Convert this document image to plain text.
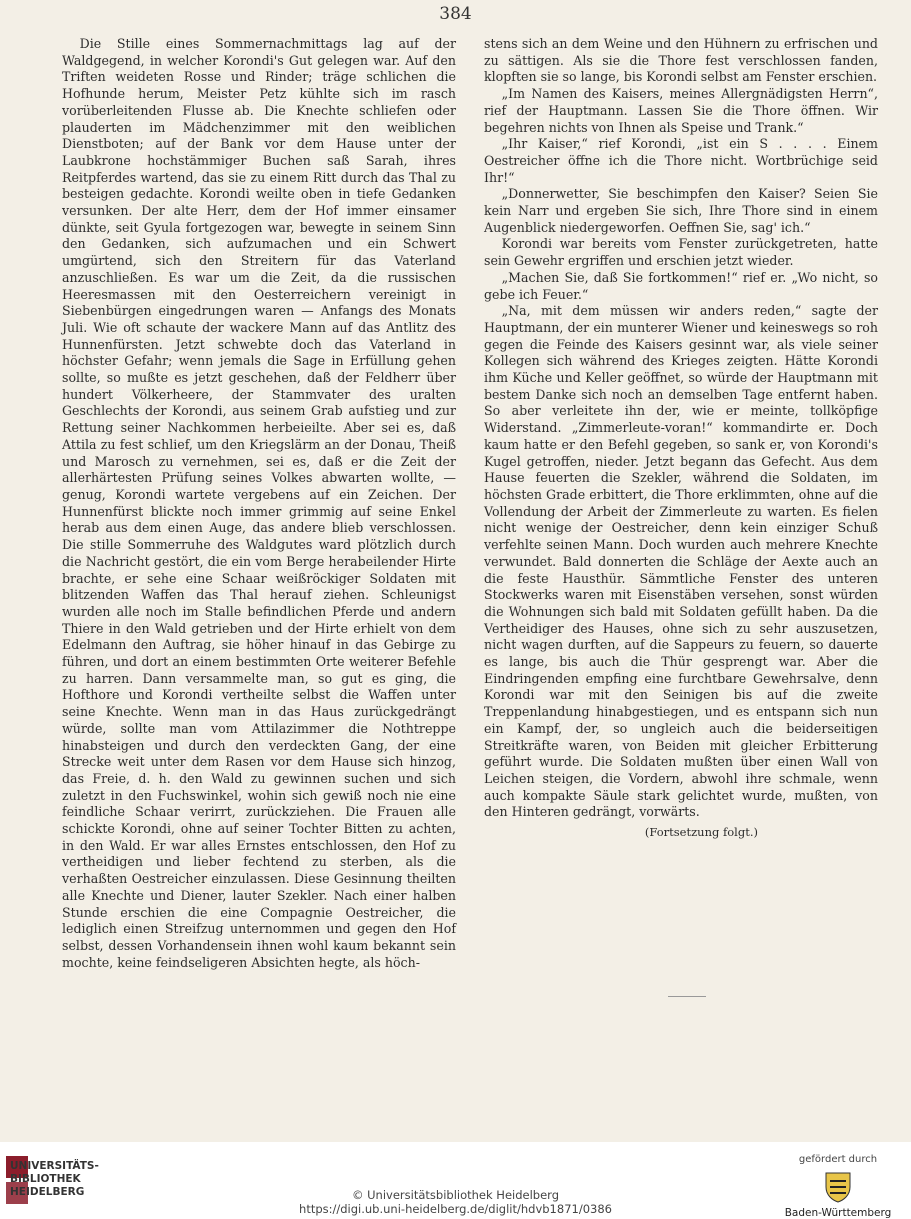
384

Die Stille eines Sommernachmittags lag auf der Waldgegend, in welcher Korondi's Gut gelegen war. Auf den Triften weideten Rosse und Rinder; träge schlichen die Hofhunde herum, Meister Petz kühlte sich im rasch vorüberleitenden Flusse ab. Die Knechte schliefen oder plauderten im Mädchenzimmer mit den weiblichen Dienstboten; auf der Bank vor dem Hause unter der Laubkrone hochstämmiger Buchen saß Sarah, ihres Reitpferdes wartend, das sie zu einem Ritt durch das Thal zu besteigen gedachte. Korondi weilte oben in tiefe Gedanken versunken. Der alte Herr, dem der Hof immer einsamer dünkte, seit Gyula fortgezogen war, bewegte in seinem Sinn den Gedanken, sich aufzumachen und ein Schwert umgürtend, sich den Streitern für das Vaterland anzuschließen. Es war um die Zeit, da die russischen Heeresmassen mit den Oesterreichern vereinigt in Siebenbürgen eingedrungen waren — Anfangs des Monats Juli. Wie oft schaute der wackere Mann auf das Antlitz des Hunnenfürsten. Jetzt schwebte doch das Vaterland in höchster Gefahr; wenn jemals die Sage in Erfüllung gehen sollte, so mußte es jetzt geschehen, daß der Feldherr über hundert Völkerheere, der Stammvater des uralten Geschlechts der Korondi, aus seinem Grab aufstieg und zur Rettung seiner Nachkommen herbeieilte. Aber sei es, daß Attila zu fest schlief, um den Kriegslärm an der Donau, Theiß und Marosch zu vernehmen, sei es, daß er die Zeit der allerhärtesten Prüfung seines Volkes abwarten wollte, — genug, Korondi wartete vergebens auf ein Zeichen. Der Hunnenfürst blickte noch immer grimmig auf seine Enkel herab aus dem einen Auge, das andere blieb verschlossen. Die stille Sommerruhe des Waldgutes ward plötzlich durch die Nachricht gestört, die ein vom Berge herabeilender Hirte brachte, er sehe eine Schaar weißröckiger Soldaten mit blitzenden Waffen das Thal herauf ziehen. Schleunigst wurden alle noch im Stalle befindlichen Pferde und andern Thiere in den Wald getrieben und der Hirte erhielt von dem Edelmann den Auftrag, sie höher hinauf in das Gebirge zu führen, und dort an einem bestimmten Orte weiterer Befehle zu harren. Dann versammelte man, so gut es ging, die Hofthore und Korondi vertheilte selbst die Waffen unter seine Knechte. Wenn man in das Haus zurückgedrängt würde, sollte man vom Attilazimmer die Nothtreppe hinabsteigen und durch den verdeckten Gang, der eine Strecke weit unter dem Rasen vor dem Hause sich hinzog, das Freie, d. h. den Wald zu gewinnen suchen und sich zuletzt in den Fuchswinkel, wohin sich gewiß noch nie eine feindliche Schaar verirrt, zurückziehen. Die Frauen alle schickte Korondi, ohne auf seiner Tochter Bitten zu achten, in den Wald. Er war alles Ernstes entschlossen, den Hof zu vertheidigen und lieber fechtend zu sterben, als die verhaßten Oestreicher einzulassen. Diese Gesinnung theilten alle Knechte und Diener, lauter Szekler. Nach einer halben Stunde erschien die eine Compagnie Oestreicher, die lediglich einen Streifzug unternommen und gegen den Hof selbst, dessen Vorhandensein ihnen wohl kaum bekannt sein mochte, keine feindseligeren Absichten hegte, als höch-

stens sich an dem Weine und den Hühnern zu erfrischen und zu sättigen. Als sie die Thore fest verschlossen fanden, klopften sie so lange, bis Korondi selbst am Fenster erschien.

„Im Namen des Kaisers, meines Allergnädigsten Herrn“, rief der Hauptmann. Lassen Sie die Thore öffnen. Wir begehren nichts von Ihnen als Speise und Trank.“

„Ihr Kaiser,“ rief Korondi, „ist ein S . . . . Einem Oestreicher öffne ich die Thore nicht. Wortbrüchige seid Ihr!“

„Donnerwetter, Sie beschimpfen den Kaiser? Seien Sie kein Narr und ergeben Sie sich, Ihre Thore sind in einem Augenblick niedergeworfen. Oeffnen Sie, sag' ich.“

Korondi war bereits vom Fenster zurückgetreten, hatte sein Gewehr ergriffen und erschien jetzt wieder.

„Machen Sie, daß Sie fortkommen!“ rief er. „Wo nicht, so gebe ich Feuer.“

„Na, mit dem müssen wir anders reden,“ sagte der Hauptmann, der ein munterer Wiener und keineswegs so roh gegen die Feinde des Kaisers gesinnt war, als viele seiner Kollegen sich während des Krieges zeigten. Hätte Korondi ihm Küche und Keller geöffnet, so würde der Hauptmann mit bestem Danke sich noch an demselben Tage entfernt haben. So aber verleitete ihn der, wie er meinte, tollköpfige Widerstand. „Zimmerleute-voran!“ kommandirte er. Doch kaum hatte er den Befehl gegeben, so sank er, von Korondi's Kugel getroffen, nieder. Jetzt begann das Gefecht. Aus dem Hause feuerten die Szekler, während die Soldaten, im höchsten Grade erbittert, die Thore erklimmten, ohne auf die Vollendung der Arbeit der Zimmerleute zu warten. Es fielen nicht wenige der Oestreicher, denn kein einziger Schuß verfehlte seinen Mann. Doch wurden auch mehrere Knechte verwundet. Bald donnerten die Schläge der Aexte auch an die feste Hausthür. Sämmtliche Fenster des unteren Stockwerks waren mit Eisenstäben versehen, sonst würden die Wohnungen sich bald mit Soldaten gefüllt haben. Da die Vertheidiger des Hauses, ohne sich zu sehr auszusetzen, nicht wagen durften, auf die Sappeurs zu feuern, so dauerte es lange, bis auch die Thür gesprengt war. Aber die Eindringenden empfing eine furchtbare Gewehrsalve, denn Korondi war mit den Seinigen bis auf die zweite Treppenlandung hinabgestiegen, und es entspann sich nun ein Kampf, der, so ungleich auch die beiderseitigen Streitkräfte waren, von Beiden mit gleicher Erbitterung geführt wurde. Die Soldaten mußten über einen Wall von Leichen steigen, die Vordern, abwohl ihre schmale, wenn auch kompakte Säule stark gelichtet wurde, mußten, von den Hinteren gedrängt, vorwärts.

(Fortsetzung folgt.)
UNIVERSITÄTS-
BIBLIOTHEK
HEIDELBERG	© Universitätsbibliothek Heidelberg
https://digi.ub.uni-heidelberg.de/diglit/hdvb1871/0386
gefördert durch
Baden-Württemberg
